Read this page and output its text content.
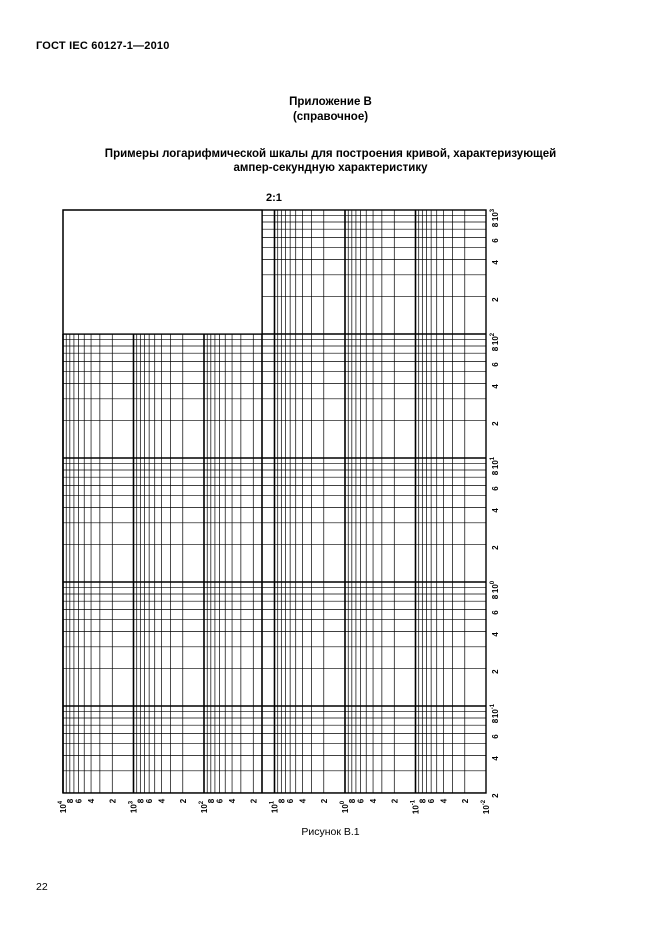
ГОСТ IEC 60127-1—2010
Приложение В
(справочное)
Примеры логарифмической шкалы для построения кривой, характеризующей
ампер-секундную характеристику
2:1
$10^3$
8
6
4
2
$10^2$
8
6
4
2
$10^1$
8
6
4
2
$10^0$
8
6
4
2
$10^{-1}$
8
6
4
2
$10^4$ 8 6 4 2
$10^3$ 8 6 4 2
$10^2$ 8 6 4 2
$10^1$ 8 6 4 2
$10^0$ 8 6 4 2
$10^{-1}$ 8 6 4 2
$10^{-2}$
Рисунок В.1
22
